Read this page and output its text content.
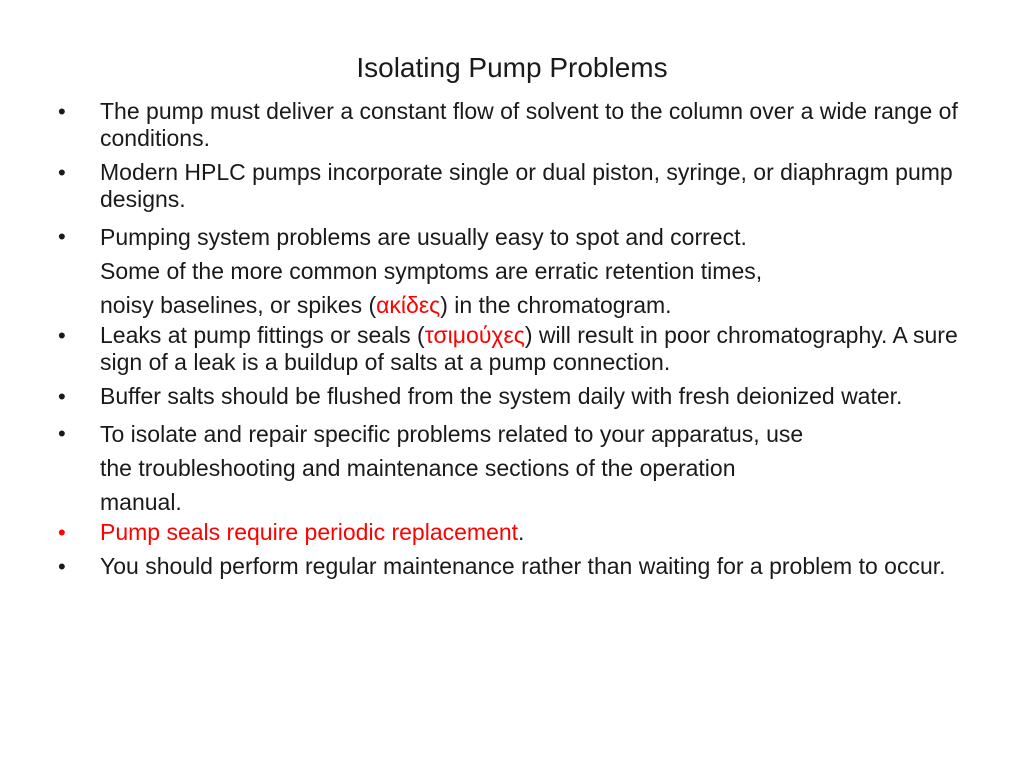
Isolating Pump Problems
• The pump must deliver a constant flow of solvent to the column over a wide range of conditions.
• Modern HPLC pumps incorporate single or dual piston, syringe, or diaphragm pump designs.
• Pumping system problems are usually easy to spot and correct.
Some of the more common symptoms are erratic retention times,
noisy baselines, or spikes (ακίδες) in the chromatogram.
• Leaks at pump fittings or seals (τσιμούχες) will result in poor chromatography. A sure sign of a leak is a buildup of salts at a pump connection.
• Buffer salts should be flushed from the system daily with fresh deionized water.
• To isolate and repair specific problems related to your apparatus, use
the troubleshooting and maintenance sections of the operation
manual.
• Pump seals require periodic replacement.
• You should perform regular maintenance rather than waiting for a problem to occur.
